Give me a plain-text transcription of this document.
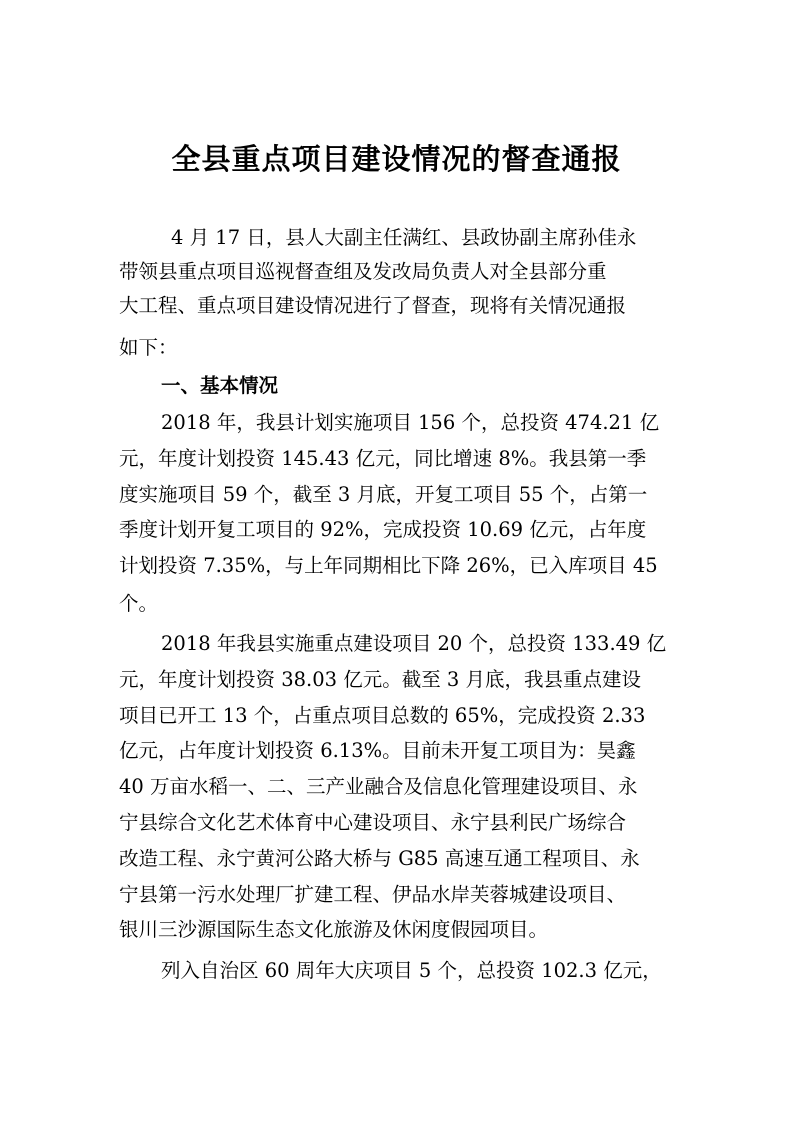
全县重点项目建设情况的督查通报
4 月 17 日，县人大副主任满红、县政协副主席孙佳永
带领县重点项目巡视督查组及发改局负责人对全县部分重
大工程、重点项目建设情况进行了督查，现将有关情况通报
如下：
一、基本情况
2018 年，我县计划实施项目 156 个，总投资 474.21 亿
元，年度计划投资 145.43 亿元，同比增速 8%。我县第一季
度实施项目 59 个，截至 3 月底，开复工项目 55 个，占第一
季度计划开复工项目的 92%，完成投资 10.69 亿元，占年度
计划投资 7.35%，与上年同期相比下降 26%，已入库项目 45
个。
2018 年我县实施重点建设项目 20 个，总投资 133.49 亿
元，年度计划投资 38.03 亿元。截至 3 月底，我县重点建设
项目已开工 13 个，占重点项目总数的 65%，完成投资 2.33
亿元，占年度计划投资 6.13%。目前未开复工项目为：昊鑫
40 万亩水稻一、二、三产业融合及信息化管理建设项目、永
宁县综合文化艺术体育中心建设项目、永宁县利民广场综合
改造工程、永宁黄河公路大桥与 G85 高速互通工程项目、永
宁县第一污水处理厂扩建工程、伊品水岸芙蓉城建设项目、
银川三沙源国际生态文化旅游及休闲度假园项目。
列入自治区 60 周年大庆项目 5 个，总投资 102.3 亿元，
